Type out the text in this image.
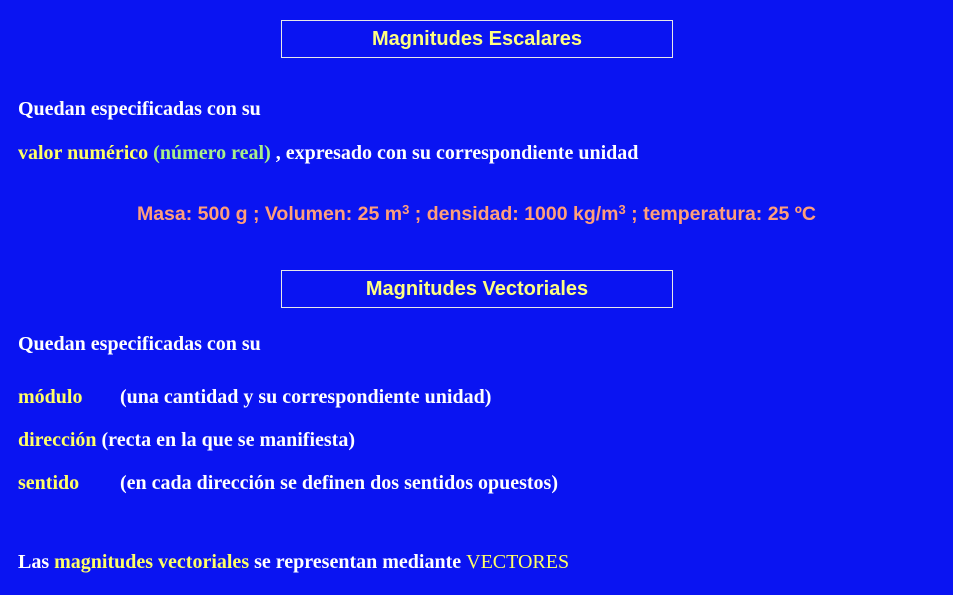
Magnitudes Escalares
Quedan especificadas con su
valor numérico (número real) , expresado con su correspondiente unidad
Masa: 500 g ; Volumen: 25 $m^3$ ; densidad: 1000 $kg/m^3$ ; temperatura: 25 ºC
Magnitudes Vectoriales
Quedan especificadas con su
módulo (una cantidad y su correspondiente unidad)
dirección (recta en la que se manifiesta)
sentido (en cada dirección se definen dos sentidos opuestos)
Las magnitudes vectoriales se representan mediante VECTORES
